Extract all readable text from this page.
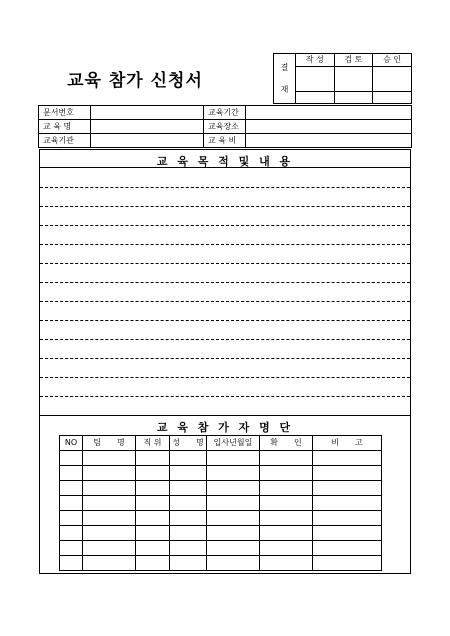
교육 참가 신청서
결
재	작 성	검 토	승 인

문서번호		교육기간	
교 육 명		교육장소	
교육기관		교 육 비	
교 육 목 적 및 내 용
교 육 참 가 자 명 단
NO	팀　　명	직 위	성　　명	입사년월일	확　　인	비　　고
